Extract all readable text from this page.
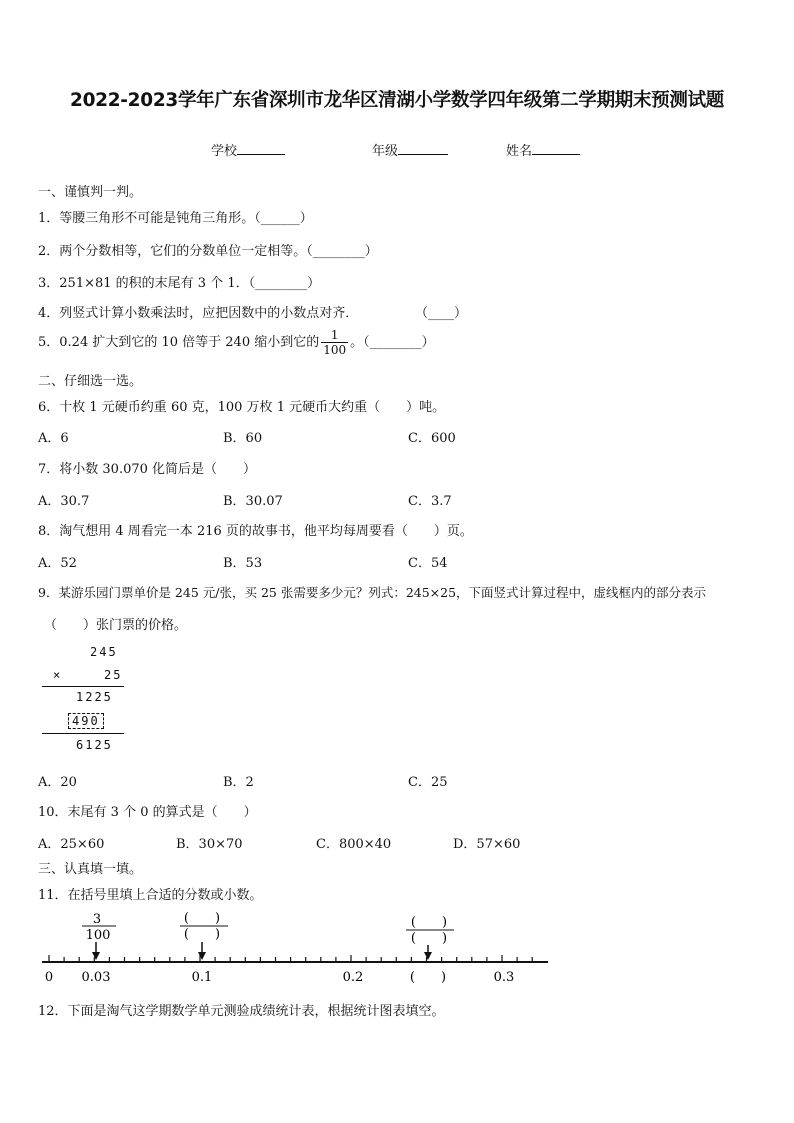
2022-2023学年广东省深圳市龙华区清湖小学数学四年级第二学期期末预测试题
学校	年级	姓名
一、谨慎判一判。
1．等腰三角形不可能是钝角三角形。（______）
2．两个分数相等，它们的分数单位一定相等。（________）
3．251×81 的积的末尾有 3 个 1．（________）
4．列竖式计算小数乘法时，应把因数中的小数点对齐．	（____）
5．0.24 扩大到它的 10 倍等于 240 缩小到它的 $\frac{1}{100}$ 。（________）
二、仔细选一选。
6．十枚 1 元硬币约重 60 克，100 万枚 1 元硬币大约重（　　）吨。
A．6	B．60	C．600
7．将小数 30.070 化简后是（　　）
A．30.7	B．30.07	C．3.7
8．淘气想用 4 周看完一本 216 页的故事书，他平均每周要看（　　）页。
A．52	B．53	C．54
9．某游乐园门票单价是 245 元/张，买 25 张需要多少元？列式：245×25，下面竖式计算过程中，虚线框内的部分表示
（　　）张门票的价格。
245
×	25
1225
490
6125
A．20	B．2	C．25
10．末尾有 3 个 0 的算式是（　　）
A．25×60	B．30×70	C．800×40	D．57×60
三、认真填一填。
11．在括号里填上合适的分数或小数。
3
100
(　　)
(　　)
(　　)
(　　)
0 0.03	0.1	0.2	(　　)	0.3
12．下面是淘气这学期数学单元测验成绩统计表，根据统计图表填空。
